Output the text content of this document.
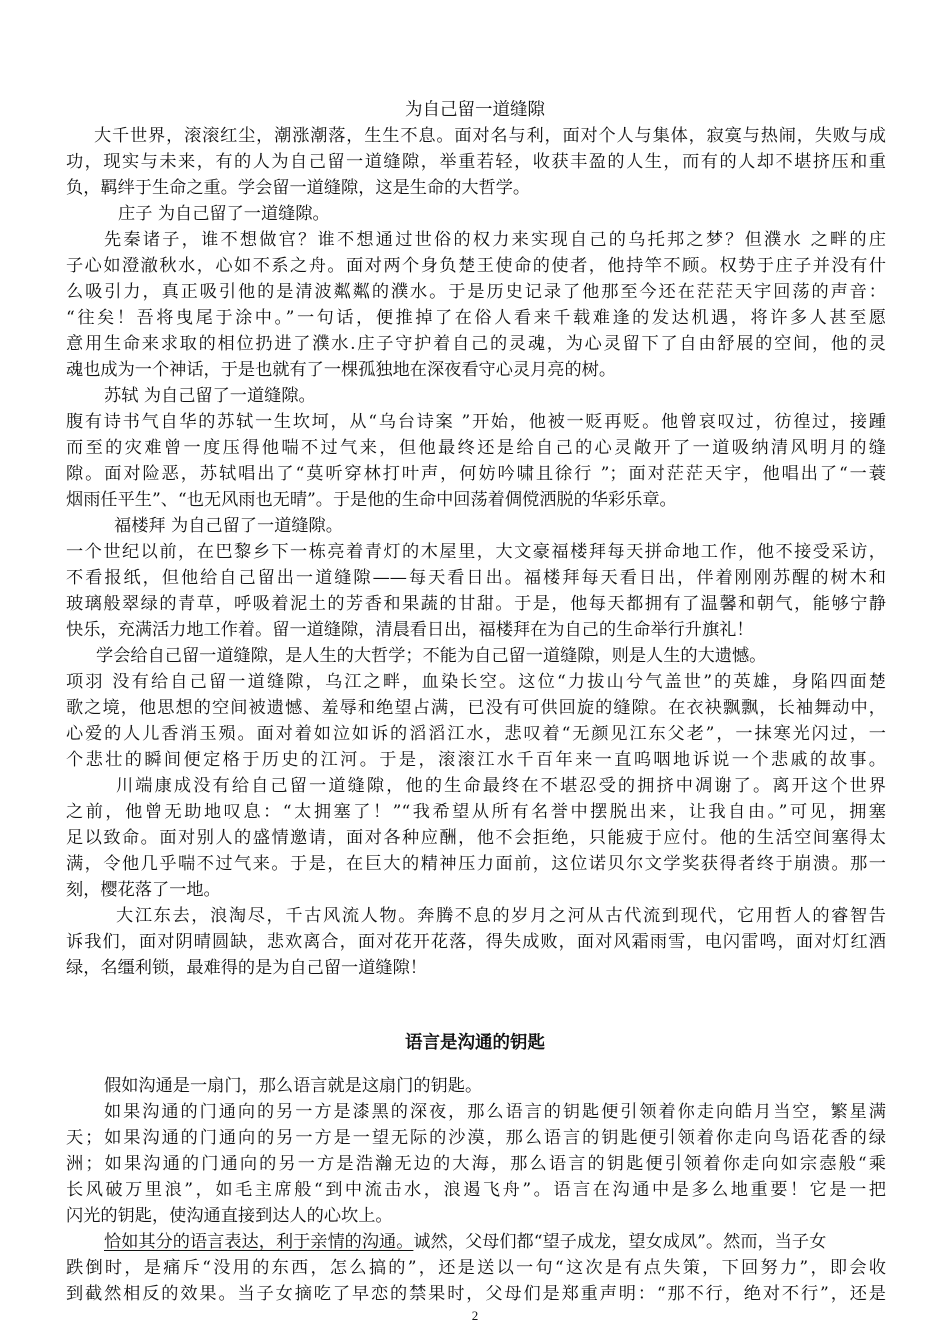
为自己留一道缝隙
大千世界，滚滚红尘，潮涨潮落，生生不息。面对名与利，面对个人与集体，寂寞与热闹，失败与成
功，现实与未来，有的人为自己留一道缝隙，举重若轻，收获丰盈的人生，而有的人却不堪挤压和重
负，羁绊于生命之重。学会留一道缝隙，这是生命的大哲学。
庄子 为自己留了一道缝隙。
先秦诸子，谁不想做官？谁不想通过世俗的权力来实现自己的乌托邦之梦？但濮水 之畔的庄
子心如澄澈秋水，心如不系之舟。面对两个身负楚王使命的使者，他持竿不顾。权势于庄子并没有什
么吸引力，真正吸引他的是清波粼粼的濮水。于是历史记录了他那至今还在茫茫天宇回荡的声音：
“往矣！吾将曳尾于涂中。”一句话，便推掉了在俗人看来千载难逢的发达机遇，将许多人甚至愿
意用生命来求取的相位扔进了濮水.庄子守护着自己的灵魂，为心灵留下了自由舒展的空间，他的灵
魂也成为一个神话，于是也就有了一棵孤独地在深夜看守心灵月亮的树。
苏轼 为自己留了一道缝隙。
腹有诗书气自华的苏轼一生坎坷，从“乌台诗案 ”开始，他被一贬再贬。他曾哀叹过，彷徨过，接踵
而至的灾难曾一度压得他喘不过气来，但他最终还是给自己的心灵敞开了一道吸纳清风明月的缝
隙。面对险恶，苏轼唱出了“莫听穿林打叶声，何妨吟啸且徐行 ”；面对茫茫天宇，他唱出了“一蓑
烟雨任平生”、“也无风雨也无晴”。于是他的生命中回荡着倜傥洒脱的华彩乐章。
福楼拜 为自己留了一道缝隙。
一个世纪以前，在巴黎乡下一栋亮着青灯的木屋里，大文豪福楼拜每天拼命地工作，他不接受采访，
不看报纸，但他给自己留出一道缝隙——每天看日出。福楼拜每天看日出，伴着刚刚苏醒的树木和
玻璃般翠绿的青草，呼吸着泥土的芳香和果蔬的甘甜。于是，他每天都拥有了温馨和朝气，能够宁静
快乐，充满活力地工作着。留一道缝隙，清晨看日出，福楼拜在为自己的生命举行升旗礼！
学会给自己留一道缝隙，是人生的大哲学；不能为自己留一道缝隙，则是人生的大遗憾。
项羽 没有给自己留一道缝隙，乌江之畔，血染长空。这位“力拔山兮气盖世”的英雄，身陷四面楚
歌之境，他思想的空间被遗憾、羞辱和绝望占满，已没有可供回旋的缝隙。在衣袂飘飘，长袖舞动中，
心爱的人儿香消玉殒。面对着如泣如诉的滔滔江水，悲叹着“无颜见江东父老”，一抹寒光闪过，一
个悲壮的瞬间便定格于历史的江河。于是，滚滚江水千百年来一直呜咽地诉说一个悲戚的故事。
川端康成没有给自己留一道缝隙，他的生命最终在不堪忍受的拥挤中凋谢了。离开这个世界
之前，他曾无助地叹息：“太拥塞了！”“我希望从所有名誉中摆脱出来，让我自由。”可见，拥塞
足以致命。面对别人的盛情邀请，面对各种应酬，他不会拒绝，只能疲于应付。他的生活空间塞得太
满，令他几乎喘不过气来。于是，在巨大的精神压力面前，这位诺贝尔文学奖获得者终于崩溃。那一
刻，樱花落了一地。
大江东去，浪淘尽，千古风流人物。奔腾不息的岁月之河从古代流到现代，它用哲人的睿智告
诉我们，面对阴晴圆缺，悲欢离合，面对花开花落，得失成败，面对风霜雨雪，电闪雷鸣，面对灯红酒
绿，名缰利锁，最难得的是为自己留一道缝隙！
语言是沟通的钥匙
假如沟通是一扇门，那么语言就是这扇门的钥匙。
如果沟通的门通向的另一方是漆黑的深夜，那么语言的钥匙便引领着你走向皓月当空，繁星满
天；如果沟通的门通向的另一方是一望无际的沙漠，那么语言的钥匙便引领着你走向鸟语花香的绿
洲；如果沟通的门通向的另一方是浩瀚无边的大海，那么语言的钥匙便引领着你走向如宗悫般“乘
长风破万里浪”，如毛主席般“到中流击水，浪遏飞舟”。语言在沟通中是多么地重要！它是一把
闪光的钥匙，使沟通直接到达人的心坎上。
恰如其分的语言表达，利于亲情的沟通。诚然，父母们都“望子成龙，望女成凤”。然而，当子女
跌倒时，是痛斥“没用的东西，怎么搞的”，还是送以一句“这次是有点失策，下回努力”，即会收
到截然相反的效果。当子女摘吃了早恋的禁果时，父母们是郑重声明：“那不行，绝对不行”，还是
2
